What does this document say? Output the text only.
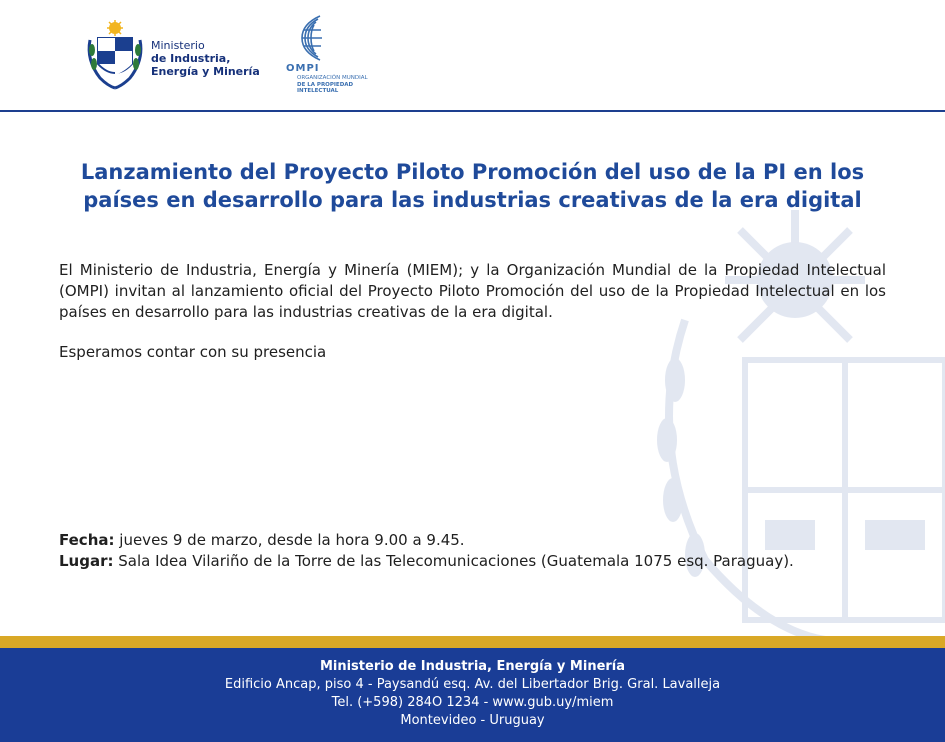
Ministerio
de Industria,
Energía y Minería	OMPI
ORGANIZACIÓN MUNDIAL
DE LA PROPIEDAD
INTELECTUAL
Lanzamiento del Proyecto Piloto Promoción del uso de la PI en los países en desarrollo para las industrias creativas de la era digital
El Ministerio de Industria, Energía y Minería (MIEM); y la Organización Mundial de la Propiedad Intelectual (OMPI) invitan al lanzamiento oficial del Proyecto Piloto Promoción del uso de la Propiedad Intelectual en los países en desarrollo para las industrias creativas de la era digital.
Esperamos contar con su presencia
Fecha: jueves 9 de marzo, desde la hora 9.00 a 9.45.
Lugar: Sala Idea Vilariño de la Torre de las Telecomunicaciones (Guatemala 1075 esq. Paraguay).
Ministerio de Industria, Energía y Minería
Edificio Ancap, piso 4 - Paysandú esq. Av. del Libertador Brig. Gral. Lavalleja
Tel. (+598) 284O 1234 - www.gub.uy/miem
Montevideo - Uruguay
